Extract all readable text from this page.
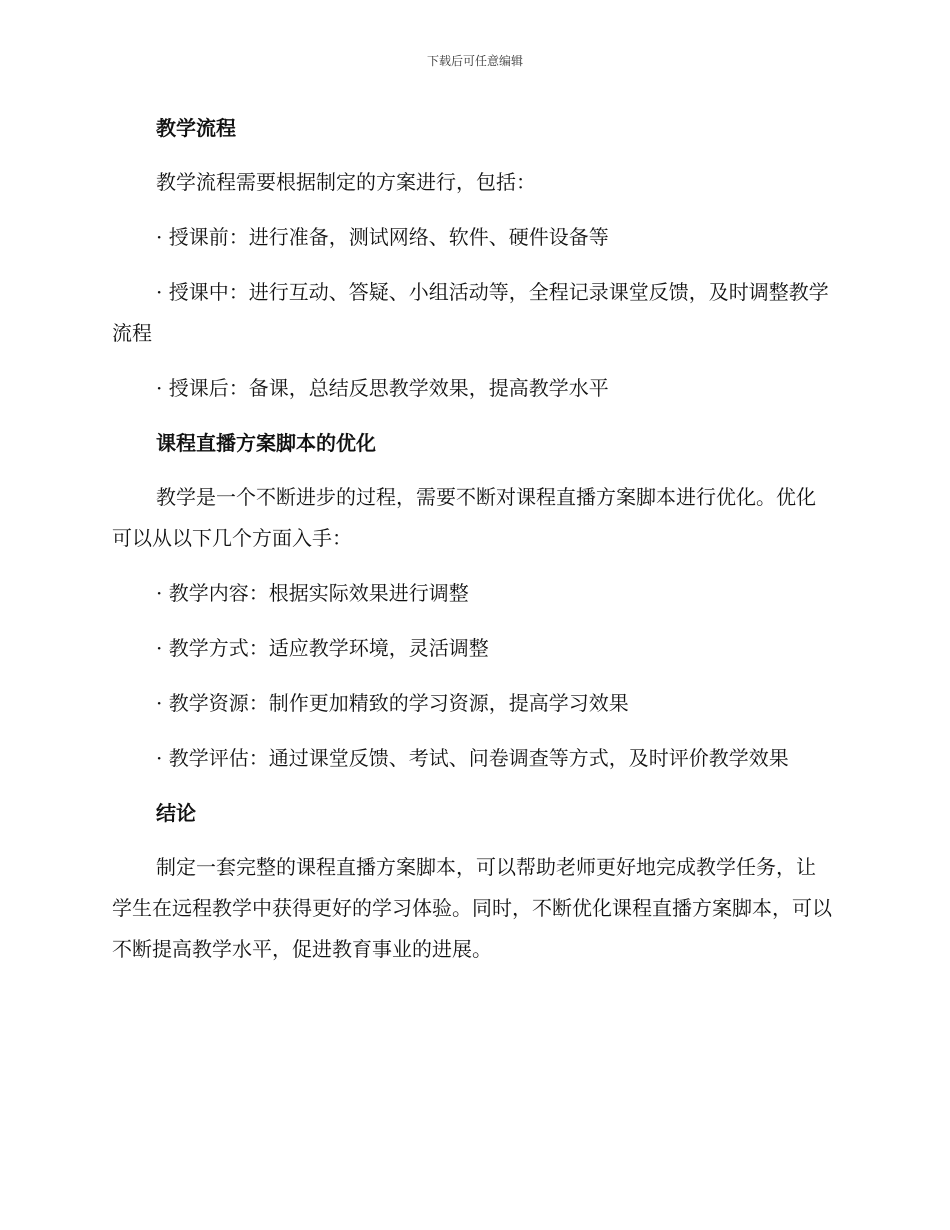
下载后可任意编辑
教学流程

教学流程需要根据制定的方案进行，包括：

· 授课前：进行准备，测试网络、软件、硬件设备等

· 授课中：进行互动、答疑、小组活动等，全程记录课堂反馈，及时调整教学流程

· 授课后：备课，总结反思教学效果，提高教学水平

课程直播方案脚本的优化

教学是一个不断进步的过程，需要不断对课程直播方案脚本进行优化。优化可以从以下几个方面入手：

· 教学内容：根据实际效果进行调整

· 教学方式：适应教学环境，灵活调整

· 教学资源：制作更加精致的学习资源，提高学习效果

· 教学评估：通过课堂反馈、考试、问卷调查等方式，及时评价教学效果

结论

制定一套完整的课程直播方案脚本，可以帮助老师更好地完成教学任务，让学生在远程教学中获得更好的学习体验。同时，不断优化课程直播方案脚本，可以不断提高教学水平，促进教育事业的进展。
